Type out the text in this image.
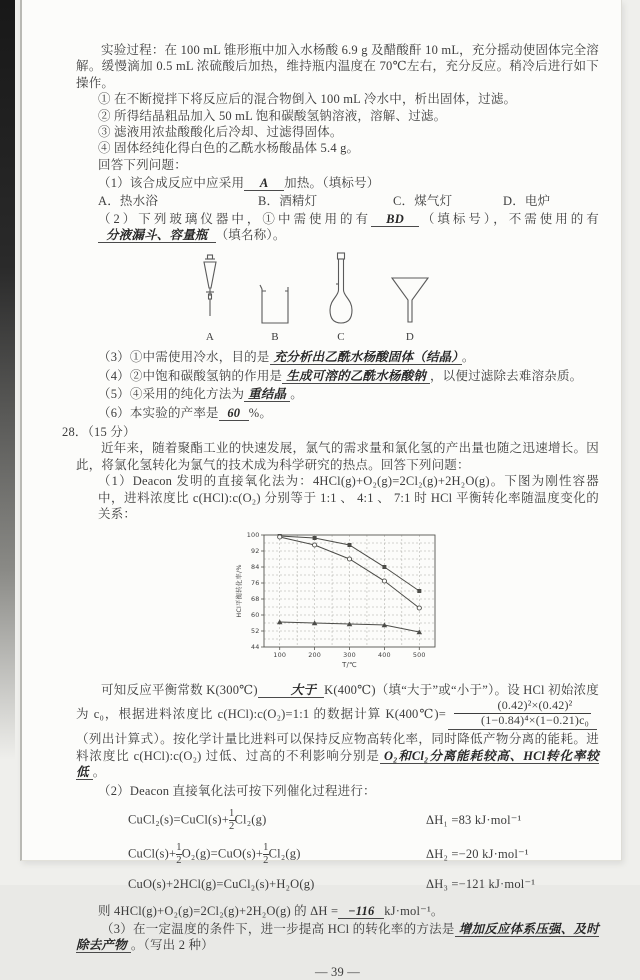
实验过程：在 100 mL 锥形瓶中加入水杨酸 6.9 g 及醋酸酐 10 mL，充分摇动使固体完全溶解。缓慢滴加 0.5 mL 浓硫酸后加热，维持瓶内温度在 70℃左右，充分反应。稍冷后进行如下操作。

① 在不断搅拌下将反应后的混合物倒入 100 mL 冷水中，析出固体，过滤。

② 所得结晶粗品加入 50 mL 饱和碳酸氢钠溶液，溶解、过滤。

③ 滤液用浓盐酸酸化后冷却、过滤得固体。

④ 固体经纯化得白色的乙酰水杨酸晶体 5.4 g。

回答下列问题：

（1）该合成反应中应采用 A 加热。（填标号）

A．热水浴	B．酒精灯	C．煤气灯	D．电炉

（2）下列玻璃仪器中，①中需使用的有 BD （填标号），不需使用的有分液漏斗、容量瓶 （填名称）。

A	B	C	D

（3）①中需使用冷水，目的是 充分析出乙酰水杨酸固体（结晶） 。

（4）②中饱和碳酸氢钠的作用是 生成可溶的乙酰水杨酸钠 ，以便过滤除去难溶杂质。

（5）④采用的纯化方法为 重结晶 。

（6）本实验的产率是 60 %。

28．（15 分）

近年来，随着聚酯工业的快速发展，氯气的需求量和氯化氢的产出量也随之迅速增长。因此，将氯化氢转化为氯气的技术成为科学研究的热点。回答下列问题：

（1）Deacon 发明的直接氧化法为：4HCl(g)+O₂(g)=2Cl₂(g)+2H₂O(g)。下图为刚性容器中，进料浓度比 c(HCl):c(O₂) 分别等于 1:1 、 4:1 、 7:1 时 HCl 平衡转化率随温度变化的关系：

44
52
60
68
76
84
92
100
100	200	300	400	500
T/℃
HCl平衡转化率/%

可知反应平衡常数 K(300℃)	大于 K(400℃)（填“大于”或“小于”）。设 HCl 初始浓度为 c₀，根据进料浓度比 c(HCl):c(O₂)=1:1 的数据计算 K(400℃)= $\frac{\text{(0.42)²×(0.42)²}}{\text{(1−0.84)⁴×(1−0.21)c₀}}$
（列出计算式）。按化学计量比进料可以保持反应物高转化率，同时降低产物分离的能耗。进料浓度比 c(HCl):c(O₂) 过低、过高的不利影响分别是 O₂和Cl₂分离能耗较高、HCl转化率较低 。

（2）Deacon 直接氧化法可按下列催化过程进行：

CuCl₂(s)=CuCl(s)+ $\frac{1}{2} Cl_2(g)$	ΔH₁ =83 kJ·mol⁻¹
CuCl(s)+ $\frac{1}{2} O_2(g)=CuO(s)+ \frac{1}{2} Cl_2(g)$	ΔH₂ =−20 kJ·mol⁻¹
CuO(s)+2HCl(g)=CuCl₂(s)+H₂O(g)	ΔH₃ =−121 kJ·mol⁻¹

则 4HCl(g)+O₂(g)=2Cl₂(g)+2H₂O(g) 的 ΔH = −116 kJ·mol⁻¹。

（3）在一定温度的条件下，进一步提高 HCl 的转化率的方法是 增加反应体系压强、及时除去产物 。（写出 2 种）

— 39 —
